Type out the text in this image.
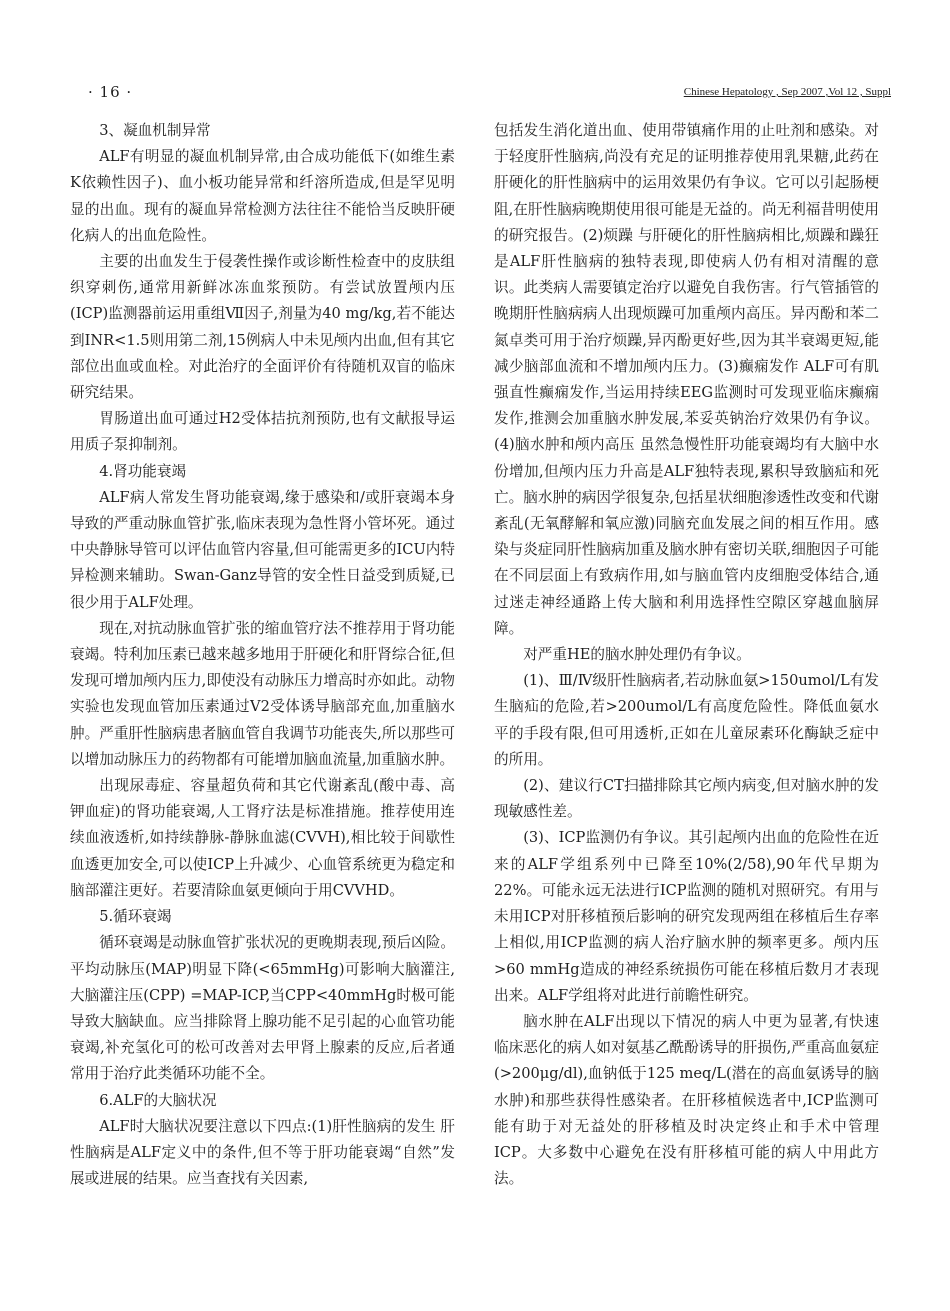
· 16 ·	Chinese Hepatology , Sep 2007 ,Vol 12 , Suppl

3、凝血机制异常

ALF有明显的凝血机制异常,由合成功能低下(如维生素K依赖性因子)、血小板功能异常和纤溶所造成,但是罕见明显的出血。现有的凝血异常检测方法往往不能恰当反映肝硬化病人的出血危险性。

主要的出血发生于侵袭性操作或诊断性检查中的皮肤组织穿刺伤,通常用新鲜冰冻血浆预防。有尝试放置颅内压(ICP)监测器前运用重组Ⅶ因子,剂量为40 mg/kg,若不能达到INR<1.5则用第二剂,15例病人中未见颅内出血,但有其它部位出血或血栓。对此治疗的全面评价有待随机双盲的临床研究结果。

胃肠道出血可通过H2受体拮抗剂预防,也有文献报导运用质子泵抑制剂。

4.肾功能衰竭

ALF病人常发生肾功能衰竭,缘于感染和/或肝衰竭本身导致的严重动脉血管扩张,临床表现为急性肾小管坏死。通过中央静脉导管可以评估血管内容量,但可能需更多的ICU内特异检测来辅助。Swan-Ganz导管的安全性日益受到质疑,已很少用于ALF处理。

现在,对抗动脉血管扩张的缩血管疗法不推荐用于肾功能衰竭。特利加压素已越来越多地用于肝硬化和肝肾综合征,但发现可增加颅内压力,即使没有动脉压力增高时亦如此。动物实验也发现血管加压素通过V2受体诱导脑部充血,加重脑水肿。严重肝性脑病患者脑血管自我调节功能丧失,所以那些可以增加动脉压力的药物都有可能增加脑血流量,加重脑水肿。

出现尿毒症、容量超负荷和其它代谢紊乱(酸中毒、高钾血症)的肾功能衰竭,人工肾疗法是标准措施。推荐使用连续血液透析,如持续静脉-静脉血滤(CVVH),相比较于间歇性血透更加安全,可以使ICP上升减少、心血管系统更为稳定和脑部灌注更好。若要清除血氨更倾向于用CVVHD。

5.循环衰竭

循环衰竭是动脉血管扩张状况的更晚期表现,预后凶险。平均动脉压(MAP)明显下降(<65mmHg)可影响大脑灌注,大脑灌注压(CPP) =MAP-ICP,当CPP<40mmHg时极可能导致大脑缺血。应当排除肾上腺功能不足引起的心血管功能衰竭,补充氢化可的松可改善对去甲肾上腺素的反应,后者通常用于治疗此类循环功能不全。

6.ALF的大脑状况

ALF时大脑状况要注意以下四点:(1)肝性脑病的发生 肝性脑病是ALF定义中的条件,但不等于肝功能衰竭“自然”发展或进展的结果。应当查找有关因素,

包括发生消化道出血、使用带镇痛作用的止吐剂和感染。对于轻度肝性脑病,尚没有充足的证明推荐使用乳果糖,此药在肝硬化的肝性脑病中的运用效果仍有争议。它可以引起肠梗阻,在肝性脑病晚期使用很可能是无益的。尚无利福昔明使用的研究报告。(2)烦躁 与肝硬化的肝性脑病相比,烦躁和躁狂是ALF肝性脑病的独特表现,即使病人仍有相对清醒的意识。此类病人需要镇定治疗以避免自我伤害。行气管插管的晚期肝性脑病病人出现烦躁可加重颅内高压。异丙酚和苯二氮卓类可用于治疗烦躁,异丙酚更好些,因为其半衰竭更短,能减少脑部血流和不增加颅内压力。(3)癫痫发作 ALF可有肌强直性癫痫发作,当运用持续EEG监测时可发现亚临床癫痫发作,推测会加重脑水肿发展,苯妥英钠治疗效果仍有争议。(4)脑水肿和颅内高压 虽然急慢性肝功能衰竭均有大脑中水份增加,但颅内压力升高是ALF独特表现,累积导致脑疝和死亡。脑水肿的病因学很复杂,包括星状细胞渗透性改变和代谢紊乱(无氧酵解和氧应激)同脑充血发展之间的相互作用。感染与炎症同肝性脑病加重及脑水肿有密切关联,细胞因子可能在不同层面上有致病作用,如与脑血管内皮细胞受体结合,通过迷走神经通路上传大脑和利用选择性空隙区穿越血脑屏障。

对严重HE的脑水肿处理仍有争议。

(1)、Ⅲ/Ⅳ级肝性脑病者,若动脉血氨>150umol/L有发生脑疝的危险,若>200umol/L有高度危险性。降低血氨水平的手段有限,但可用透析,正如在儿童尿素环化酶缺乏症中的所用。

(2)、建议行CT扫描排除其它颅内病变,但对脑水肿的发现敏感性差。

(3)、ICP监测仍有争议。其引起颅内出血的危险性在近来的ALF学组系列中已降至10%(2/58),90年代早期为22%。可能永远无法进行ICP监测的随机对照研究。有用与未用ICP对肝移植预后影响的研究发现两组在移植后生存率上相似,用ICP监测的病人治疗脑水肿的频率更多。颅内压>60 mmHg造成的神经系统损伤可能在移植后数月才表现出来。ALF学组将对此进行前瞻性研究。

脑水肿在ALF出现以下情况的病人中更为显著,有快速临床恶化的病人如对氨基乙酰酚诱导的肝损伤,严重高血氨症(>200μg/dl),血钠低于125 meq/L(潜在的高血氨诱导的脑水肿)和那些获得性感染者。在肝移植候选者中,ICP监测可能有助于对无益处的肝移植及时决定终止和手术中管理ICP。大多数中心避免在没有肝移植可能的病人中用此方法。
